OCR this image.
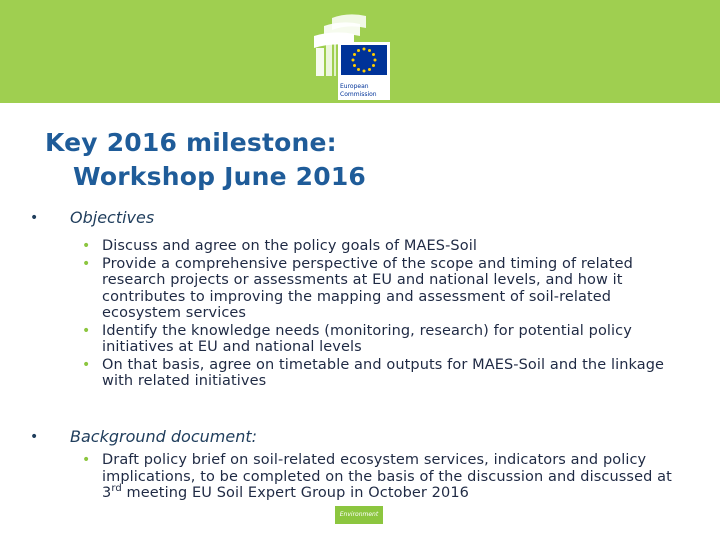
European
Commission
Key 2016 milestone:
Workshop June 2016
• Objectives
• Discuss and agree on the policy goals of MAES-Soil
• Provide a comprehensive perspective of the scope and timing of related research projects or assessments at EU and national levels, and how it contributes to improving the mapping and assessment of soil-related ecosystem services
• Identify the knowledge needs (monitoring, research) for potential policy initiatives at EU and national levels
• On that basis, agree on timetable and outputs for MAES-Soil and the linkage with related initiatives
• Background document:
• Draft policy brief on soil-related ecosystem services, indicators and policy implications, to be completed on the basis of the discussion and discussed at 3rd meeting EU Soil Expert Group in October 2016
Environment
